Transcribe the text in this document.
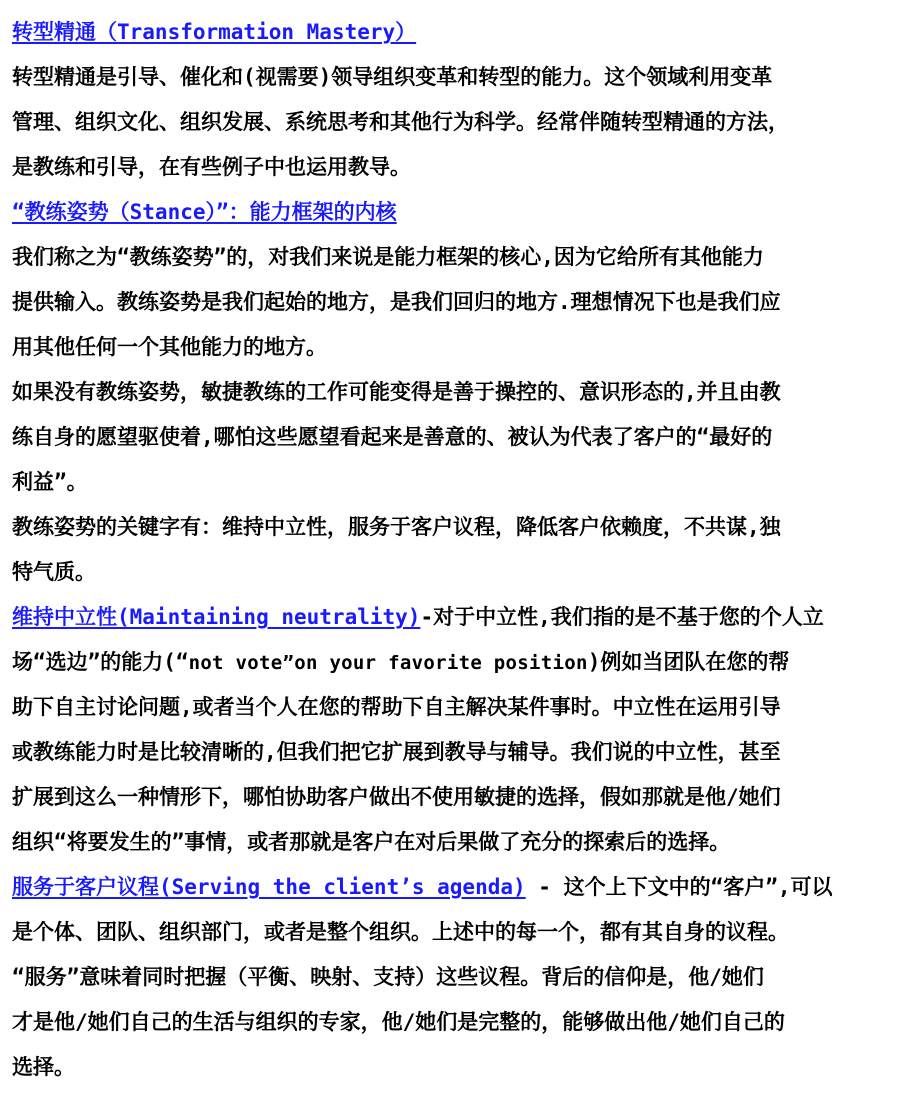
转型精通（Transformation Mastery）
转型精通是引导、催化和(视需要)领导组织变革和转型的能力。这个领域利用变革
管理、组织文化、组织发展、系统思考和其他行为科学。经常伴随转型精通的方法，
是教练和引导，在有些例子中也运用教导。
“教练姿势（Stance）”：能力框架的内核
我们称之为“教练姿势”的，对我们来说是能力框架的核心,因为它给所有其他能力
提供输入。教练姿势是我们起始的地方，是我们回归的地方.理想情况下也是我们应
用其他任何一个其他能力的地方。
如果没有教练姿势，敏捷教练的工作可能变得是善于操控的、意识形态的,并且由教
练自身的愿望驱使着,哪怕这些愿望看起来是善意的、被认为代表了客户的“最好的
利益”。
教练姿势的关键字有：维持中立性，服务于客户议程，降低客户依赖度，不共谋,独
特气质。
维持中立性(Maintaining neutrality)-对于中立性,我们指的是不基于您的个人立
场“选边”的能力(“not vote”on your favorite position)例如当团队在您的帮
助下自主讨论问题,或者当个人在您的帮助下自主解决某件事时。中立性在运用引导
或教练能力时是比较清晰的,但我们把它扩展到教导与辅导。我们说的中立性，甚至
扩展到这么一种情形下，哪怕协助客户做出不使用敏捷的选择，假如那就是他/她们
组织“将要发生的”事情，或者那就是客户在对后果做了充分的探索后的选择。
服务于客户议程(Serving the client’s agenda) - 这个上下文中的“客户”,可以
是个体、团队、组织部门，或者是整个组织。上述中的每一个，都有其自身的议程。
“服务”意味着同时把握（平衡、映射、支持）这些议程。背后的信仰是，他/她们
才是他/她们自己的生活与组织的专家，他/她们是完整的，能够做出他/她们自己的
选择。
